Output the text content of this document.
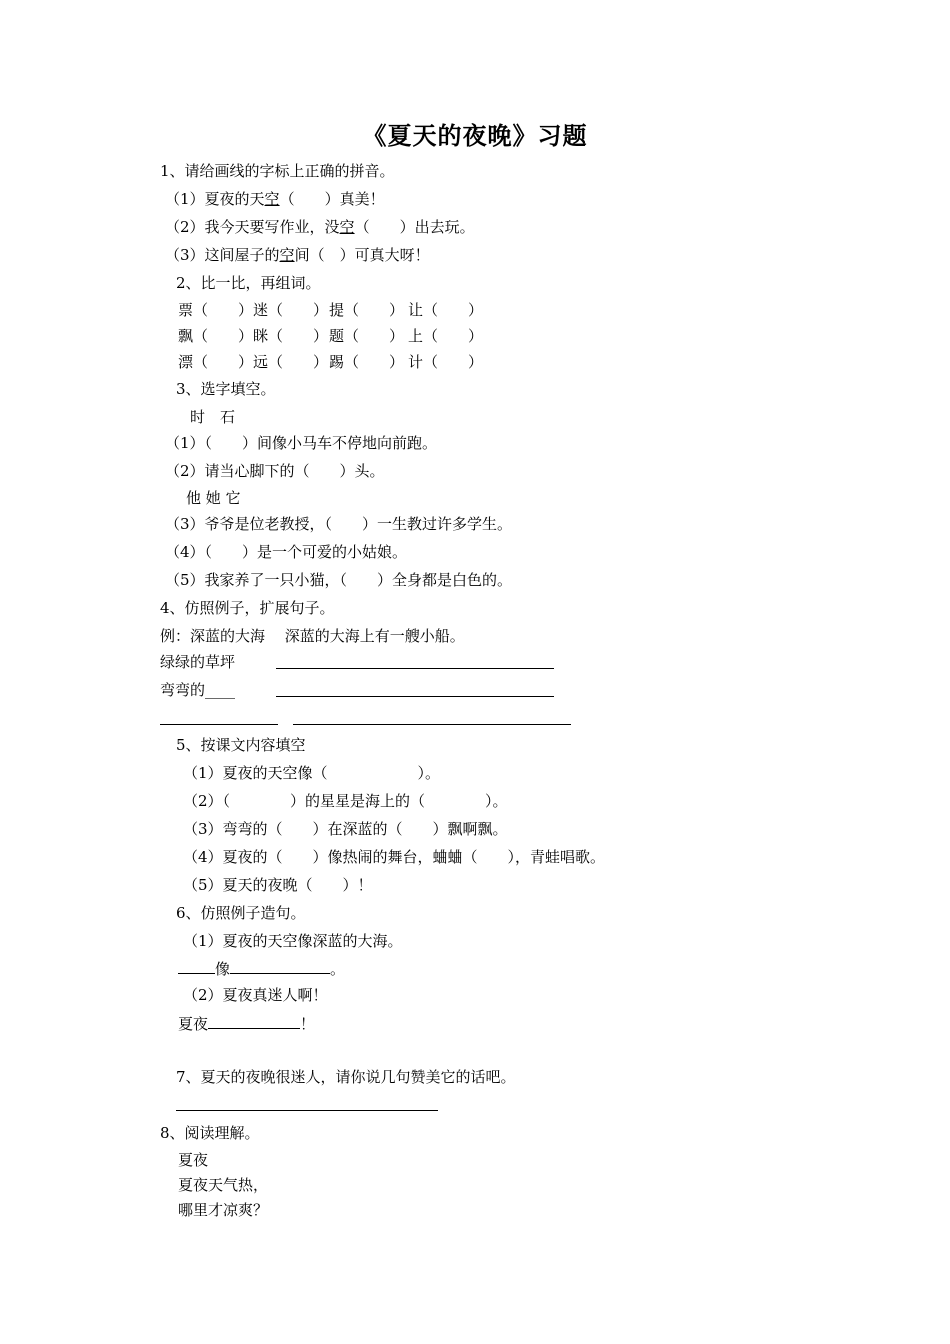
《夏天的夜晚》习题
1、请给画线的字标上正确的拼音。
（1）夏夜的天空（　　）真美！
（2）我今天要写作业，没空（　　）出去玩。
（3）这间屋子的空间（　）可真大呀！
2、比一比，再组词。
票（　　） 迷（　　） 提（　　） 让（　　）
飘（　　） 眯（　　） 题（　　） 上（　　）
漂（　　） 远（　　） 踢（　　） 计（　　）
3、选字填空。
时　石
（1）（　　）间像小马车不停地向前跑。
（2）请当心脚下的（　　）头。
他 她 它
（3）爷爷是位老教授，（　　）一生教过许多学生。
（4）（　　）是一个可爱的小姑娘。
（5）我家养了一只小猫，（　　）全身都是白色的。
4、仿照例子，扩展句子。
例：深蓝的大海　 深蓝的大海上有一艘小船。
绿绿的草坪
弯弯的____
5、按课文内容填空
（1）夏夜的天空像（　　　　　　）。
（2）（　　　　）的星星是海上的（　　　　）。
（3）弯弯的（　　）在深蓝的（　　）飘啊飘。
（4）夏夜的（　　）像热闹的舞台，蛐蛐（　　），青蛙唱歌。
（5）夏天的夜晚（　　）！
6、仿照例子造句。
（1）夏夜的天空像深蓝的大海。
像	。
（2）夏夜真迷人啊！
夏夜	！
7、夏天的夜晚很迷人，请你说几句赞美它的话吧。
8、阅读理解。
夏夜
夏夜天气热，
哪里才凉爽？
